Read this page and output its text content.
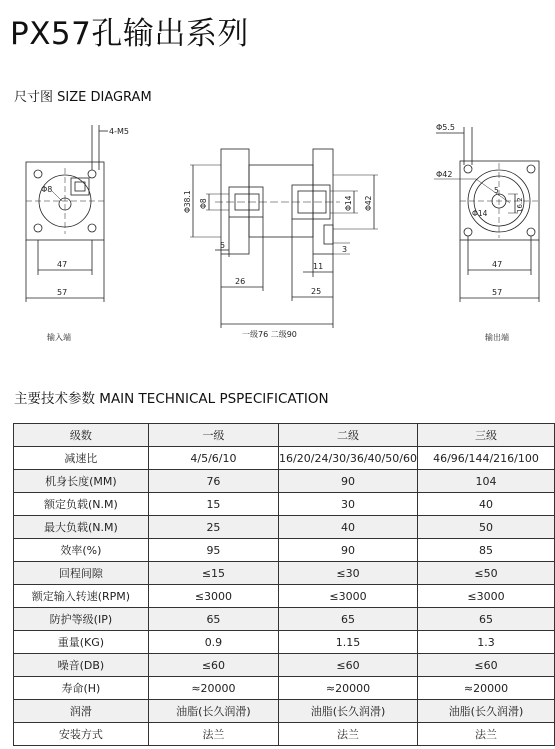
PX57孔输出系列
尺寸图 SIZE DIAGRAM
4-M5
Φ8
47
57
输入端
Φ38.1 Φ8	Φ14 Φ42
5	3
26
11
25
一级76 二级90
Φ5.5
Φ42
5
Φ14
16.2
47
57
输出端
主要技术参数 MAIN TECHNICAL PSPECIFICATION
级数	一级	二级	三级
减速比	4/5/6/10	16/20/24/30/36/40/50/60	46/96/144/216/100
机身长度(MM)	76	90	104
额定负载(N.M)	15	30	40
最大负载(N.M)	25	40	50
效率(%)	95	90	85
回程间隙	≤15	≤30	≤50
额定输入转速(RPM)	≤3000	≤3000	≤3000
防护等级(IP)	65	65	65
重量(KG)	0.9	1.15	1.3
噪音(DB)	≤60	≤60	≤60
寿命(H)	≈20000	≈20000	≈20000
润滑	油脂(长久润滑)	油脂(长久润滑)	油脂(长久润滑)
安装方式	法兰	法兰	法兰
